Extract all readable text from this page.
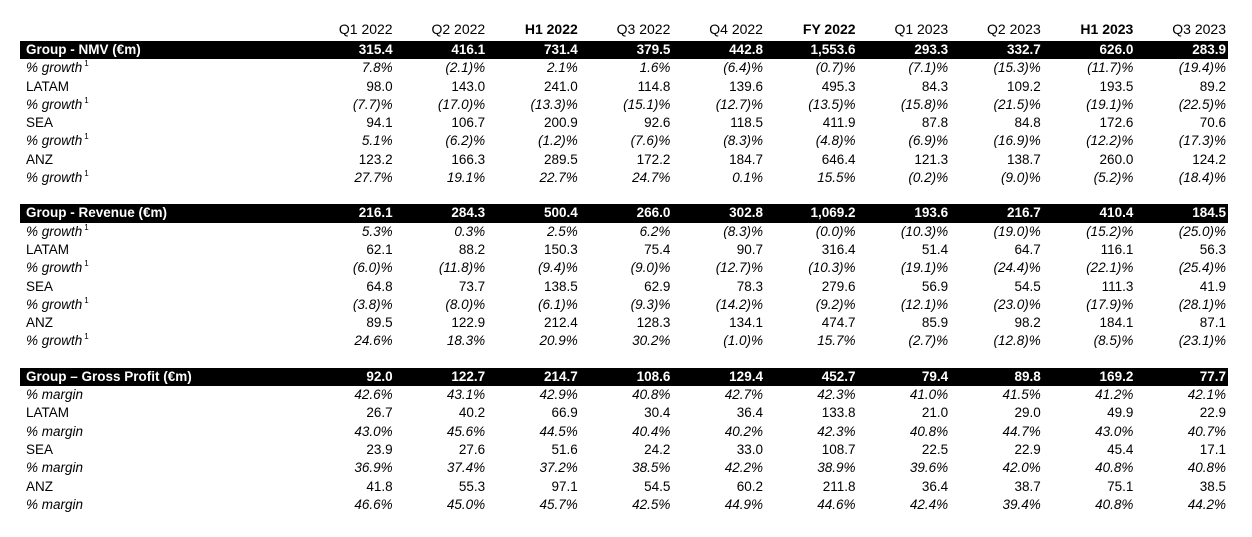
	Q1 2022	Q2 2022	H1 2022	Q3 2022	Q4 2022	FY 2022	Q1 2023	Q2 2023	H1 2023	Q3 2023
Group - NMV (€m)	315.4	416.1	731.4	379.5	442.8	1,553.6	293.3	332.7	626.0	283.9
% growth $^1$	7.8%	(2.1)%	2.1%	1.6%	(6.4)%	(0.7)%	(7.1)%	(15.3)%	(11.7)%	(19.4)%
LATAM	98.0	143.0	241.0	114.8	139.6	495.3	84.3	109.2	193.5	89.2
% growth $^1$	(7.7)%	(17.0)%	(13.3)%	(15.1)%	(12.7)%	(13.5)%	(15.8)%	(21.5)%	(19.1)%	(22.5)%
SEA	94.1	106.7	200.9	92.6	118.5	411.9	87.8	84.8	172.6	70.6
% growth $^1$	5.1%	(6.2)%	(1.2)%	(7.6)%	(8.3)%	(4.8)%	(6.9)%	(16.9)%	(12.2)%	(17.3)%
ANZ	123.2	166.3	289.5	172.2	184.7	646.4	121.3	138.7	260.0	124.2
% growth $^1$	27.7%	19.1%	22.7%	24.7%	0.1%	15.5%	(0.2)%	(9.0)%	(5.2)%	(18.4)%

Group - Revenue (€m)	216.1	284.3	500.4	266.0	302.8	1,069.2	193.6	216.7	410.4	184.5
% growth $^1$	5.3%	0.3%	2.5%	6.2%	(8.3)%	(0.0)%	(10.3)%	(19.0)%	(15.2)%	(25.0)%
LATAM	62.1	88.2	150.3	75.4	90.7	316.4	51.4	64.7	116.1	56.3
% growth $^1$	(6.0)%	(11.8)%	(9.4)%	(9.0)%	(12.7)%	(10.3)%	(19.1)%	(24.4)%	(22.1)%	(25.4)%
SEA	64.8	73.7	138.5	62.9	78.3	279.6	56.9	54.5	111.3	41.9
% growth $^1$	(3.8)%	(8.0)%	(6.1)%	(9.3)%	(14.2)%	(9.2)%	(12.1)%	(23.0)%	(17.9)%	(28.1)%
ANZ	89.5	122.9	212.4	128.3	134.1	474.7	85.9	98.2	184.1	87.1
% growth $^1$	24.6%	18.3%	20.9%	30.2%	(1.0)%	15.7%	(2.7)%	(12.8)%	(8.5)%	(23.1)%

Group – Gross Profit (€m)	92.0	122.7	214.7	108.6	129.4	452.7	79.4	89.8	169.2	77.7
% margin	42.6%	43.1%	42.9%	40.8%	42.7%	42.3%	41.0%	41.5%	41.2%	42.1%
LATAM	26.7	40.2	66.9	30.4	36.4	133.8	21.0	29.0	49.9	22.9
% margin	43.0%	45.6%	44.5%	40.4%	40.2%	42.3%	40.8%	44.7%	43.0%	40.7%
SEA	23.9	27.6	51.6	24.2	33.0	108.7	22.5	22.9	45.4	17.1
% margin	36.9%	37.4%	37.2%	38.5%	42.2%	38.9%	39.6%	42.0%	40.8%	40.8%
ANZ	41.8	55.3	97.1	54.5	60.2	211.8	36.4	38.7	75.1	38.5
% margin	46.6%	45.0%	45.7%	42.5%	44.9%	44.6%	42.4%	39.4%	40.8%	44.2%
